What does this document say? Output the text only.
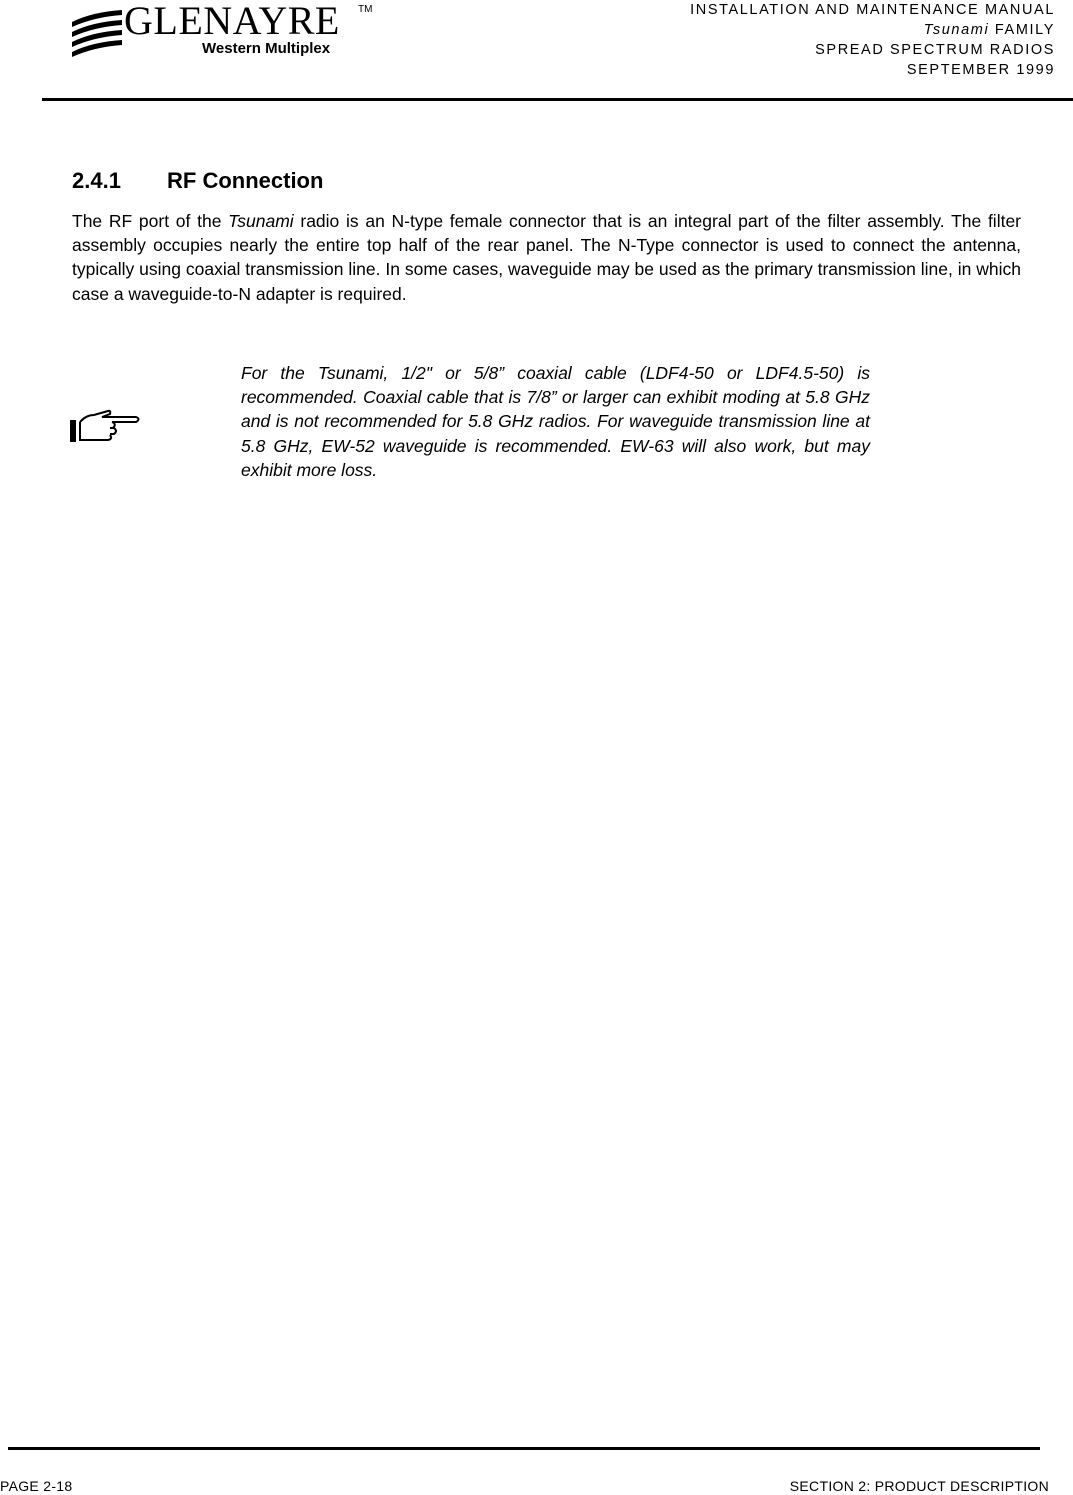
GLENAYRE TM
Western Multiplex
INSTALLATION AND MAINTENANCE MANUAL
Tsunami FAMILY
SPREAD SPECTRUM RADIOS
SEPTEMBER 1999
2.4.1 RF Connection

The RF port of the Tsunami radio is an N-type female connector that is an integral part of the filter assembly. The filter assembly occupies nearly the entire top half of the rear panel. The N-Type connector is used to connect the antenna, typically using coaxial transmission line. In some cases, waveguide may be used as the primary transmission line, in which case a waveguide-to-N adapter is required.

For the Tsunami, 1/2" or 5/8” coaxial cable (LDF4-50 or LDF4.5-50) is recommended. Coaxial cable that is 7/8” or larger can exhibit moding at 5.8 GHz and is not recommended for 5.8 GHz radios. For waveguide transmission line at 5.8 GHz, EW-52 waveguide is recommended. EW-63 will also work, but may exhibit more loss.

PAGE 2-18	SECTION 2: PRODUCT DESCRIPTION
